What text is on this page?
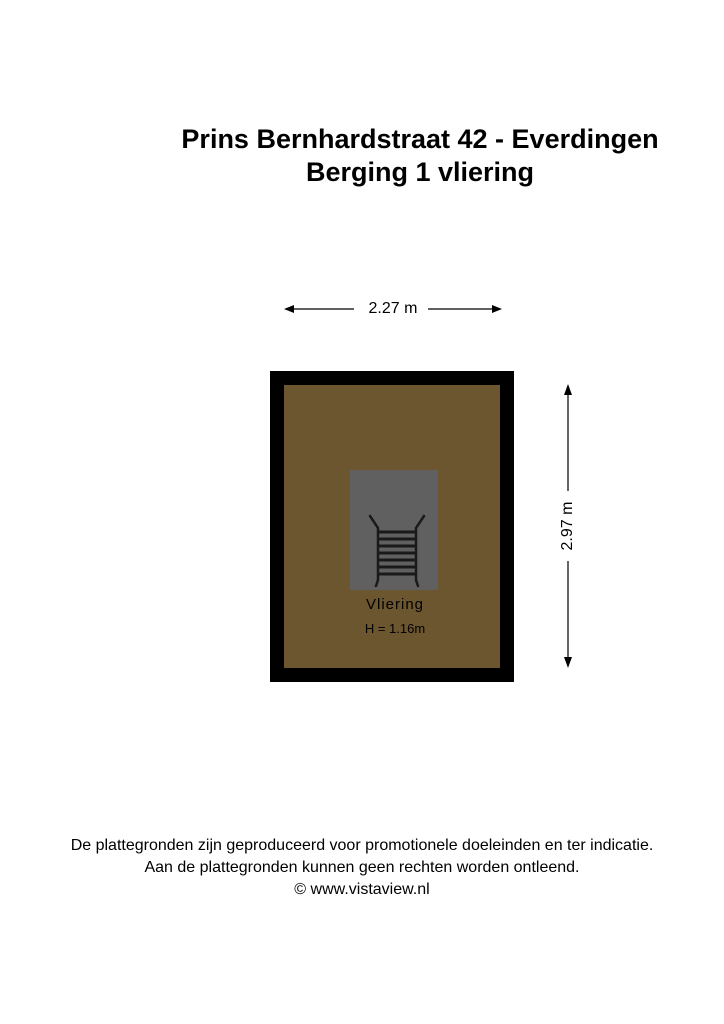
Prins Bernhardstraat 42 - Everdingen
Berging 1 vliering
2.27 m
2.97 m
Vliering
H = 1.16m
De plattegronden zijn geproduceerd voor promotionele doeleinden en ter indicatie.
Aan de plattegronden kunnen geen rechten worden ontleend.
© www.vistaview.nl
